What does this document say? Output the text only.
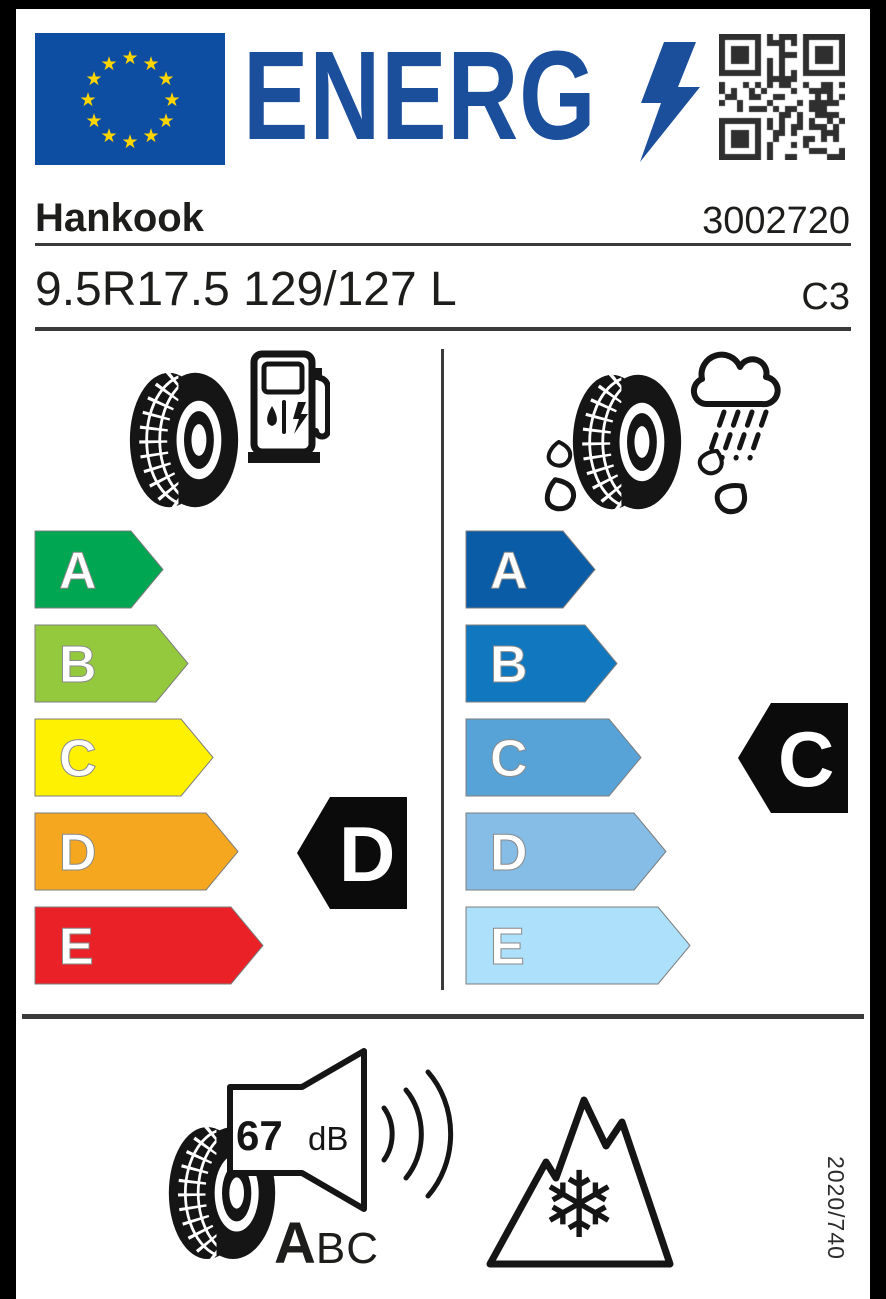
★ ★
★
★
★
★
★
★
★
★
★
★ ENERG
Hankook	3002720
9.5R17.5 129/127 L	C3
A
B
C
D
E
D
A
B
C
D
E
C
67 dB
A BC ❄	2020/740
